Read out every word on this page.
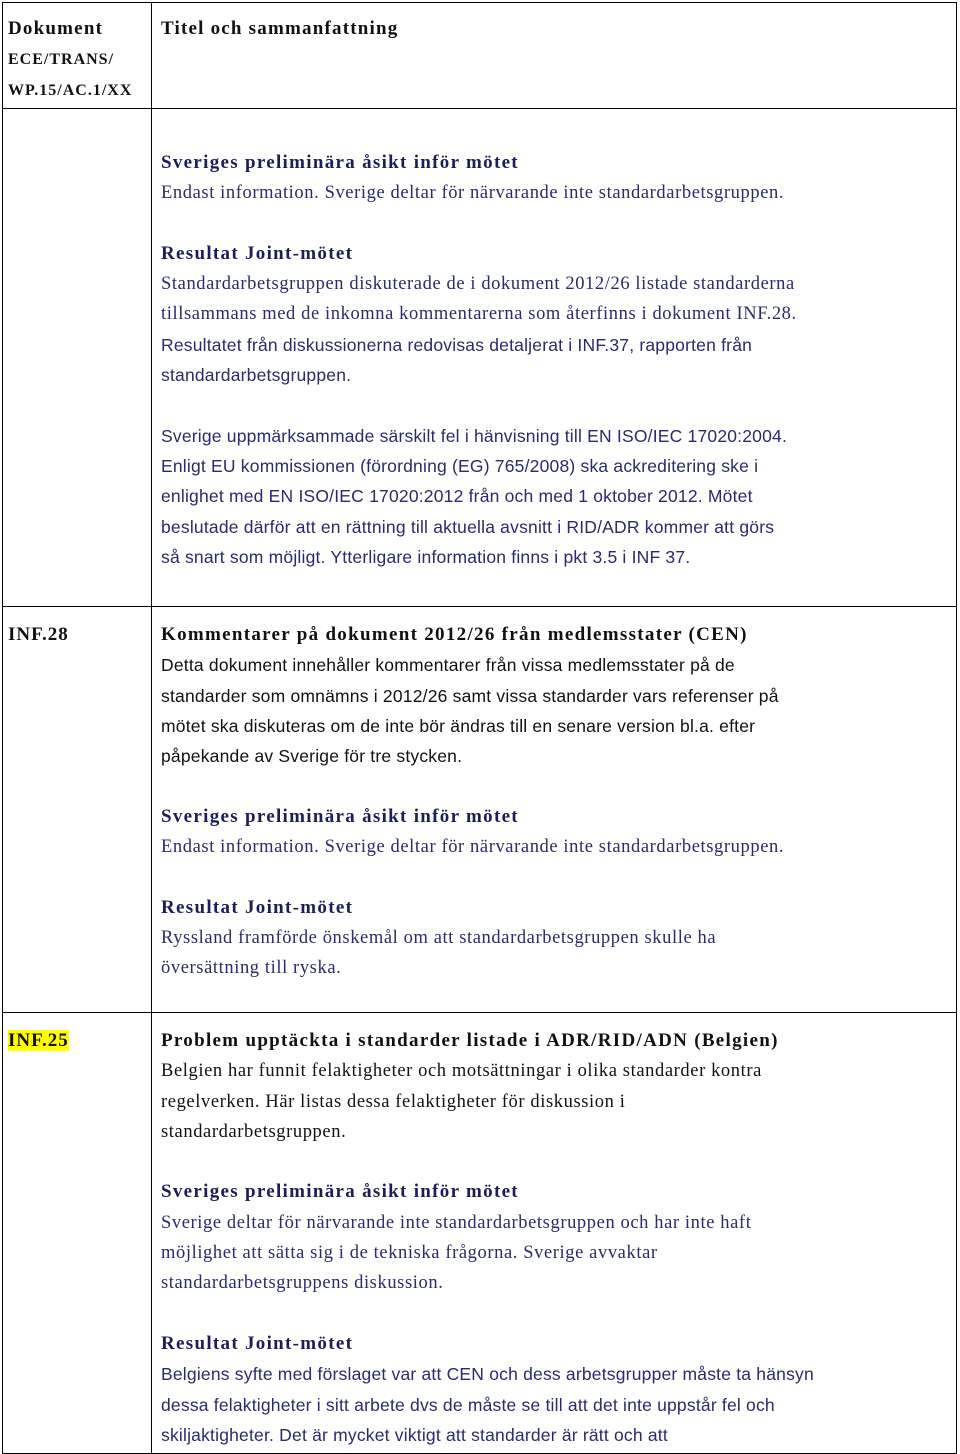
Dokument
ECE/TRANS/
WP.15/AC.1/XX
Titel och sammanfattning
Sveriges preliminära åsikt inför mötet
Endast information. Sverige deltar för närvarande inte standardarbetsgruppen.
Resultat Joint-mötet
Standardarbetsgruppen diskuterade de i dokument 2012/26 listade standarderna
tillsammans med de inkomna kommentarerna som återfinns i dokument INF.28.
Resultatet från diskussionerna redovisas detaljerat i INF.37, rapporten från
standardarbetsgruppen.
Sverige uppmärksammade särskilt fel i hänvisning till EN ISO/IEC 17020:2004.
Enligt EU kommissionen (förordning (EG) 765/2008) ska ackreditering ske i
enlighet med EN ISO/IEC 17020:2012 från och med 1 oktober 2012. Mötet
beslutade därför att en rättning till aktuella avsnitt i RID/ADR kommer att görs
så snart som möjligt. Ytterligare information finns i pkt 3.5 i INF 37.
INF.28	Kommentarer på dokument 2012/26 från medlemsstater (CEN)
Detta dokument innehåller kommentarer från vissa medlemsstater på de
standarder som omnämns i 2012/26 samt vissa standarder vars referenser på
mötet ska diskuteras om de inte bör ändras till en senare version bl.a. efter
påpekande av Sverige för tre stycken.
Sveriges preliminära åsikt inför mötet
Endast information. Sverige deltar för närvarande inte standardarbetsgruppen.
Resultat Joint-mötet
Ryssland framförde önskemål om att standardarbetsgruppen skulle ha
översättning till ryska.
INF.25	Problem upptäckta i standarder listade i ADR/RID/ADN (Belgien)
Belgien har funnit felaktigheter och motsättningar i olika standarder kontra
regelverken. Här listas dessa felaktigheter för diskussion i
standardarbetsgruppen.
Sveriges preliminära åsikt inför mötet
Sverige deltar för närvarande inte standardarbetsgruppen och har inte haft
möjlighet att sätta sig i de tekniska frågorna. Sverige avvaktar
standardarbetsgruppens diskussion.
Resultat Joint-mötet
Belgiens syfte med förslaget var att CEN och dess arbetsgrupper måste ta hänsyn
dessa felaktigheter i sitt arbete dvs de måste se till att det inte uppstår fel och
skiljaktigheter. Det är mycket viktigt att standarder är rätt och att
